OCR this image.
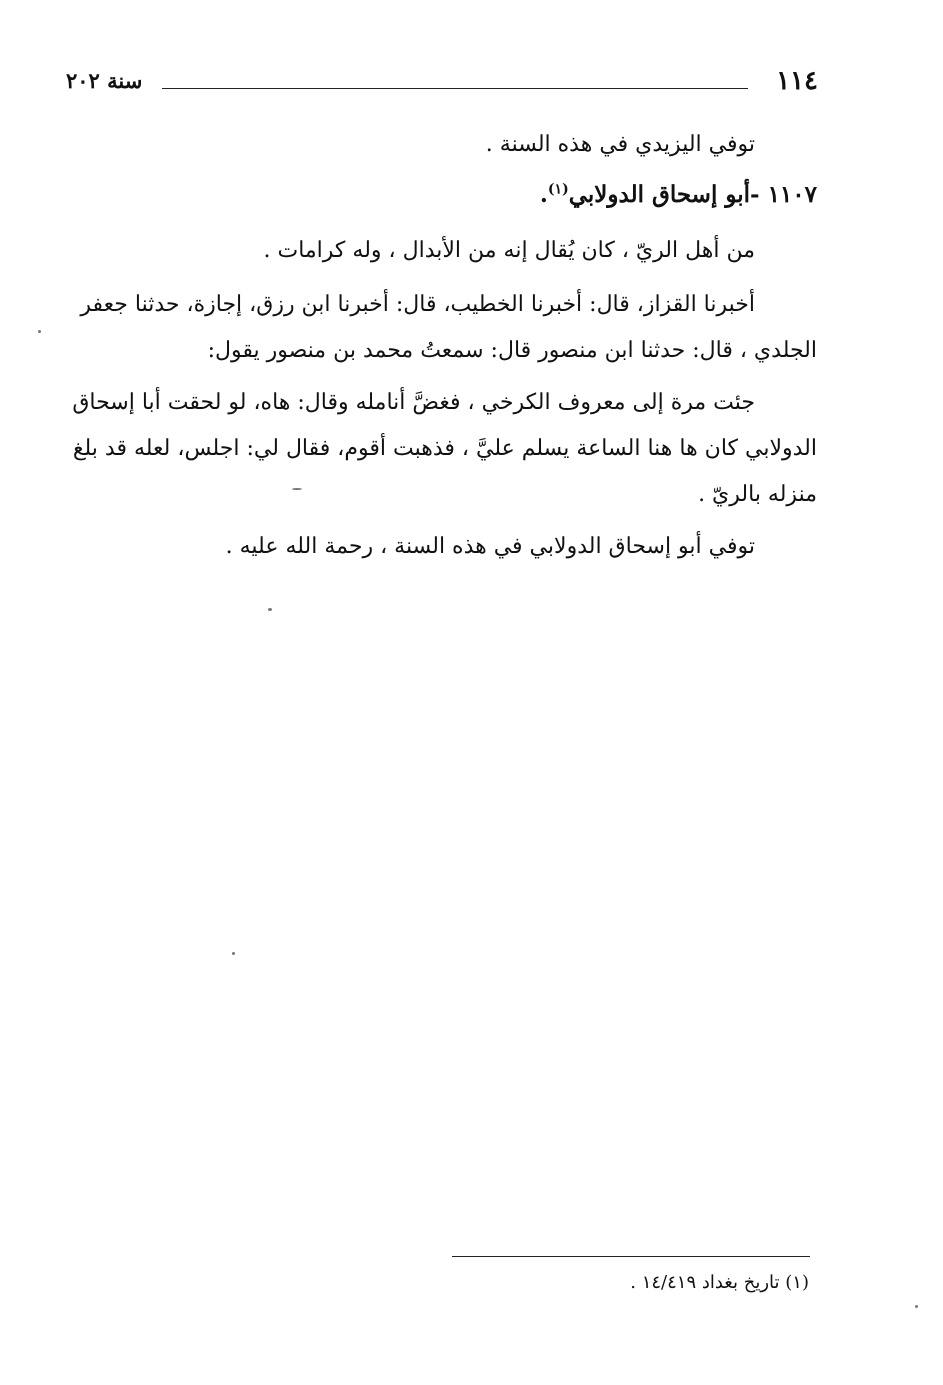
١١٤
سنة ٢٠٢
توفي اليزيدي في هذه السنة .
١١٠٧ -أبو إسحاق الدولابي$^{(١)}$.
من أهل الريّ ، كان يُقال إنه من الأبدال ، وله كرامات .
أخبرنا القزاز، قال: أخبرنا الخطيب، قال: أخبرنا ابن رزق، إجازة، حدثنا جعفر
الجلدي ، قال: حدثنا ابن منصور قال: سمعتُ محمد بن منصور يقول:
جئت مرة إلى معروف الكرخي ، فغضَّ أنامله وقال: هاه، لو لحقت أبا إسحاق
الدولابي كان ها هنا الساعة يسلم عليَّ ، فذهبت أقوم، فقال لي: اجلس، لعله قد بلغ
منزله بالريّ .
توفي أبو إسحاق الدولابي في هذه السنة ، رحمة الله عليه .
(١) تاريخ بغداد ١٤/٤١٩ .
